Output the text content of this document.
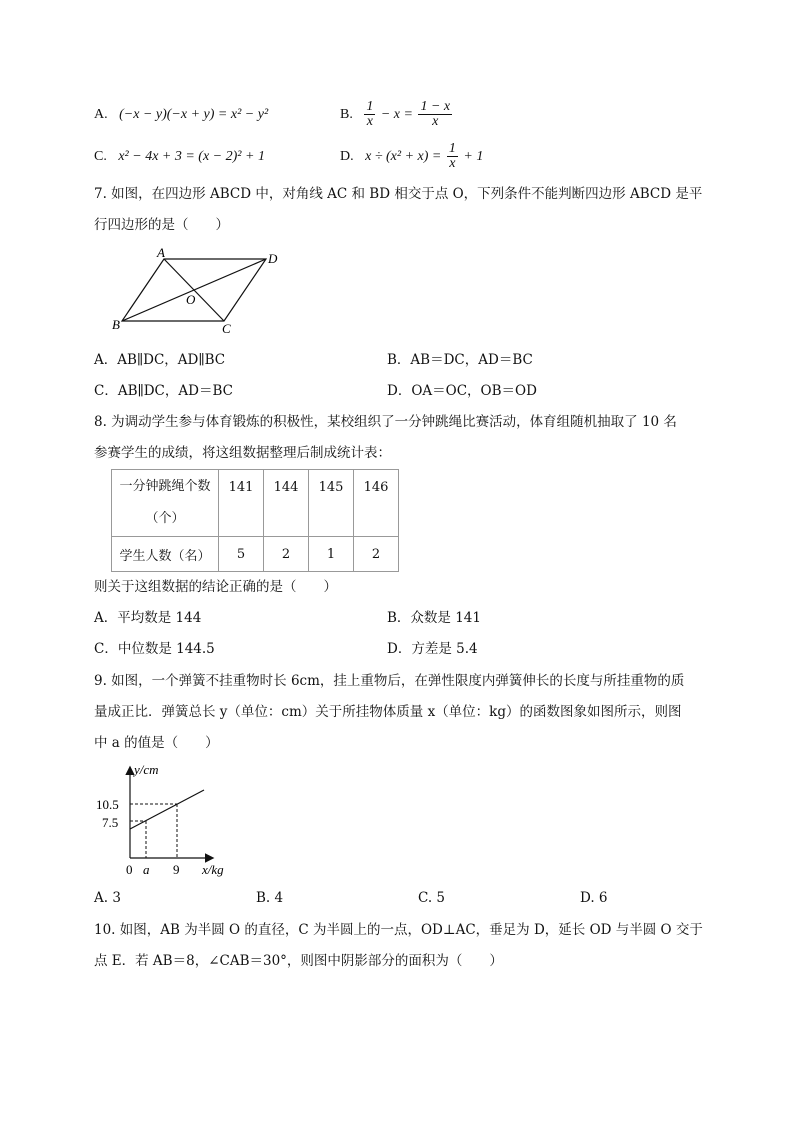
A. (−x − y)(−x + y) = x² − y²	B. $\frac{1}{x} - x = \frac{1 - x}{x}$
C. x² − 4x + 3 = (x − 2)² + 1	D. $x \div (x^2 + x) = \frac{1}{x} + 1$
7. 如图，在四边形 ABCD 中，对角线 AC 和 BD 相交于点 O，下列条件不能判断四边形 ABCD 是平
行四边形的是（　　）
A	D
B	C
O
A．AB∥DC，AD∥BC	B．AB＝DC，AD＝BC
C．AB∥DC，AD＝BC	D．OA＝OC，OB＝OD
8. 为调动学生参与体育锻炼的积极性，某校组织了一分钟跳绳比赛活动，体育组随机抽取了 10 名
参赛学生的成绩，将这组数据整理后制成统计表：
一分钟跳绳个数
（个）	141	144	145	146
学生人数（名）	5	2	1	2
则关于这组数据的结论正确的是（　　）
A．平均数是 144	B．众数是 141
C．中位数是 144.5	D．方差是 5.4
9. 如图，一个弹簧不挂重物时长 6cm，挂上重物后，在弹性限度内弹簧伸长的长度与所挂重物的质
量成正比．弹簧总长 y（单位：cm）关于所挂物体质量 x（单位：kg）的函数图象如图所示，则图
中 a 的值是（　　）
y/cm
x/kg
10.5
7.5
0 a 9
A. 3	B. 4	C. 5	D. 6
10. 如图，AB 为半圆 O 的直径，C 为半圆上的一点，OD⊥AC，垂足为 D，延长 OD 与半圆 O 交于
点 E．若 AB＝8，∠CAB＝30°，则图中阴影部分的面积为（　　）
